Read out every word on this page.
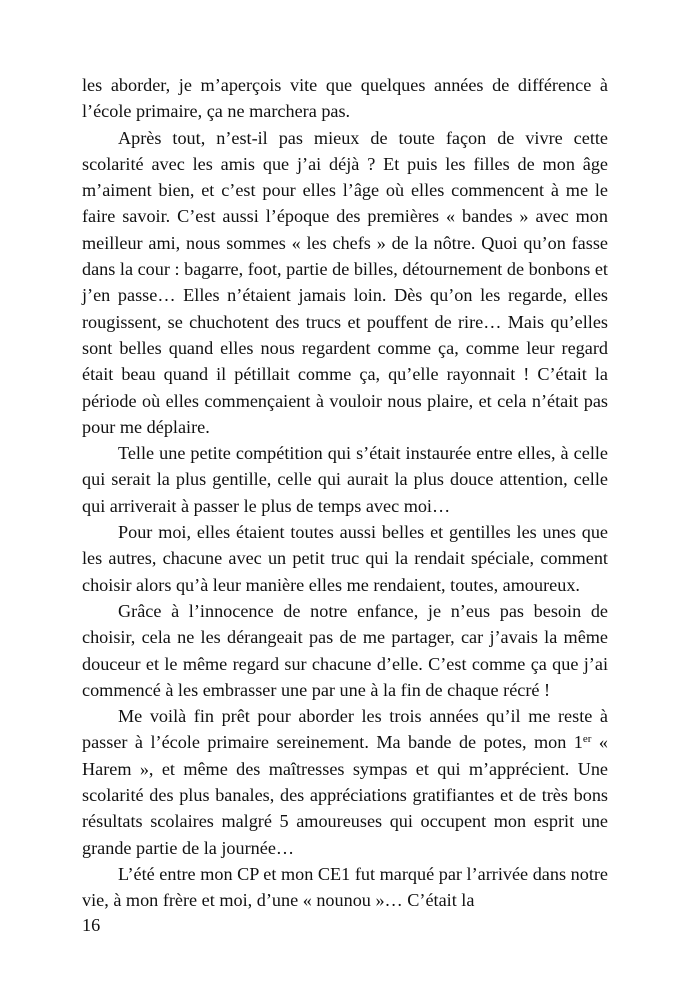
les aborder, je m’aperçois vite que quelques années de différence à l’école primaire, ça ne marchera pas.

Après tout, n’est-il pas mieux de toute façon de vivre cette scolarité avec les amis que j’ai déjà ? Et puis les filles de mon âge m’aiment bien, et c’est pour elles l’âge où elles commencent à me le faire savoir. C’est aussi l’époque des premières « bandes » avec mon meilleur ami, nous sommes « les chefs » de la nôtre. Quoi qu’on fasse dans la cour : bagarre, foot, partie de billes, détournement de bonbons et j’en passe… Elles n’étaient jamais loin. Dès qu’on les regarde, elles rougissent, se chuchotent des trucs et pouffent de rire… Mais qu’elles sont belles quand elles nous regardent comme ça, comme leur regard était beau quand il pétillait comme ça, qu’elle rayonnait ! C’était la période où elles commençaient à vouloir nous plaire, et cela n’était pas pour me déplaire.

Telle une petite compétition qui s’était instaurée entre elles, à celle qui serait la plus gentille, celle qui aurait la plus douce attention, celle qui arriverait à passer le plus de temps avec moi…

Pour moi, elles étaient toutes aussi belles et gentilles les unes que les autres, chacune avec un petit truc qui la rendait spéciale, comment choisir alors qu’à leur manière elles me rendaient, toutes, amoureux.

Grâce à l’innocence de notre enfance, je n’eus pas besoin de choisir, cela ne les dérangeait pas de me partager, car j’avais la même douceur et le même regard sur chacune d’elle. C’est comme ça que j’ai commencé à les embrasser une par une à la fin de chaque récré !

Me voilà fin prêt pour aborder les trois années qu’il me reste à passer à l’école primaire sereinement. Ma bande de potes, mon 1er « Harem », et même des maîtresses sympas et qui m’apprécient. Une scolarité des plus banales, des appréciations gratifiantes et de très bons résultats scolaires malgré 5 amoureuses qui occupent mon esprit une grande partie de la journée…

L’été entre mon CP et mon CE1 fut marqué par l’arrivée dans notre vie, à mon frère et moi, d’une « nounou »… C’était la

16
